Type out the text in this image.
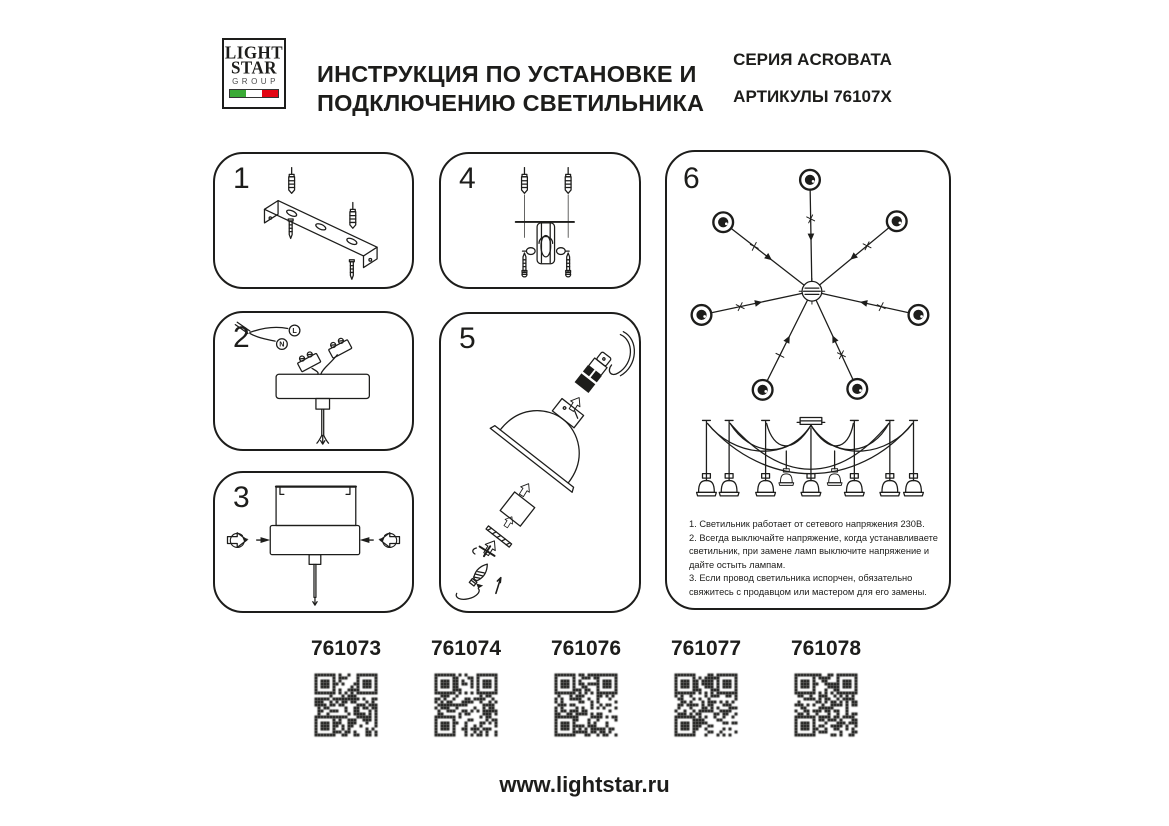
LIGHT
STAR
GROUP ИНСТРУКЦИЯ ПО УСТАНОВКЕ И
ПОДКЛЮЧЕНИЮ СВЕТИЛЬНИКА
СЕРИЯ ACROBATA
АРТИКУЛЫ 76107X
1
2	L
N
3
4
5
6

1. Светильник работает от сетевого напряжения 230В.

2. Всегда выключайте напряжение, когда устанавливаете светильник, при замене ламп выключите напряжение и дайте остыть лампам.

3. Если провод светильника испорчен, обязательно свяжитесь с продавцом или мастером для его замены.

761073	761074	761076	761077	761078
www.lightstar.ru
